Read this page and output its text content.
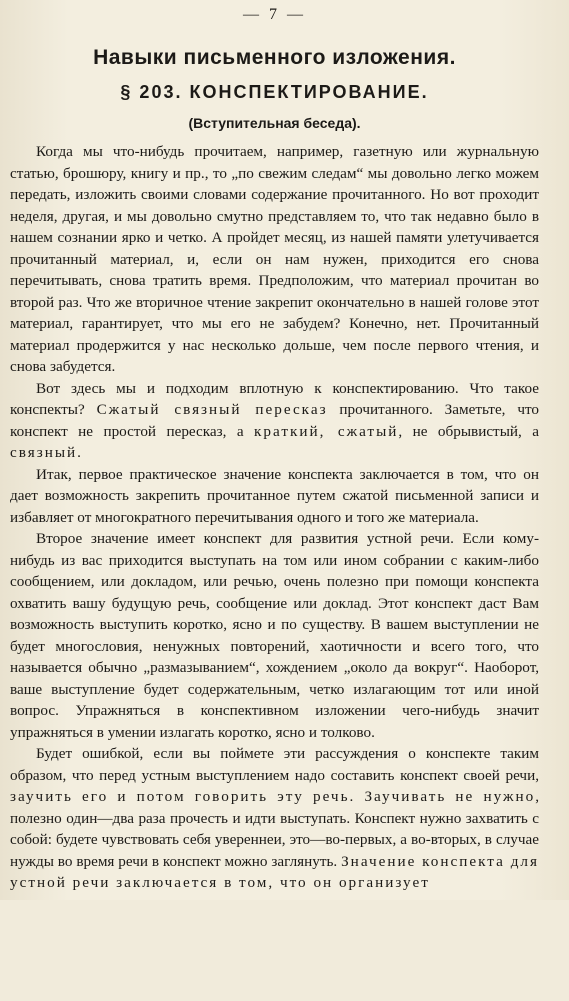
— 7 —
Навыки письменного изложения.
§ 203. КОНСПЕКТИРОВАНИЕ.
(Вступительная беседа).

Когда мы что-нибудь прочитаем, например, газетную или журнальную статью, брошюру, книгу и пр., то „по свежим следам“ мы довольно легко можем передать, изложить своими словами содержание прочитанного. Но вот проходит неделя, другая, и мы довольно смутно представляем то, что так недавно было в нашем сознании ярко и четко. А пройдет месяц, из нашей памяти улетучивается прочитанный материал, и, если он нам нужен, приходится его снова перечитывать, снова тратить время. Предположим, что материал прочитан во второй раз. Что же вторичное чтение закрепит окончательно в нашей голове этот материал, гарантирует, что мы его не забудем? Конечно, нет. Прочитанный материал продержится у нас несколько дольше, чем после первого чтения, и снова забудется.

Вот здесь мы и подходим вплотную к конспектированию. Что такое конспекты? Сжатый связный пересказ прочитанного. Заметьте, что конспект не простой пересказ, а краткий, сжатый, не обрывистый, а связный.

Итак, первое практическое значение конспекта заключается в том, что он дает возможность закрепить прочитанное путем сжатой письменной записи и избавляет от многократного перечитывания одного и того же материала.

Второе значение имеет конспект для развития устной речи. Если кому-нибудь из вас приходится выступать на том или ином собрании с каким-либо сообщением, или докладом, или речью, очень полезно при помощи конспекта охватить вашу будущую речь, сообщение или доклад. Этот конспект даст Вам возможность выступить коротко, ясно и по существу. В вашем выступлении не будет многословия, ненужных повторений, хаотичности и всего того, что называется обычно „размазыванием“, хождением „около да вокруг“. Наоборот, ваше выступление будет содержательным, четко излагающим тот или иной вопрос. Упражняться в конспективном изложении чего-нибудь значит упражняться в умении излагать коротко, ясно и толково.

Будет ошибкой, если вы поймете эти рассуждения о конспекте таким образом, что перед устным выступлением надо составить конспект своей речи, заучить его и потом говорить эту речь. Заучивать не нужно, полезно один—два раза прочесть и идти выступать. Конспект нужно захватить с собой: будете чувствовать себя увереннеи, это—во-первых, а во-вторых, в случае нужды во время речи в конспект можно заглянуть. Значение конспекта для устной речи заключается в том, что он организует
